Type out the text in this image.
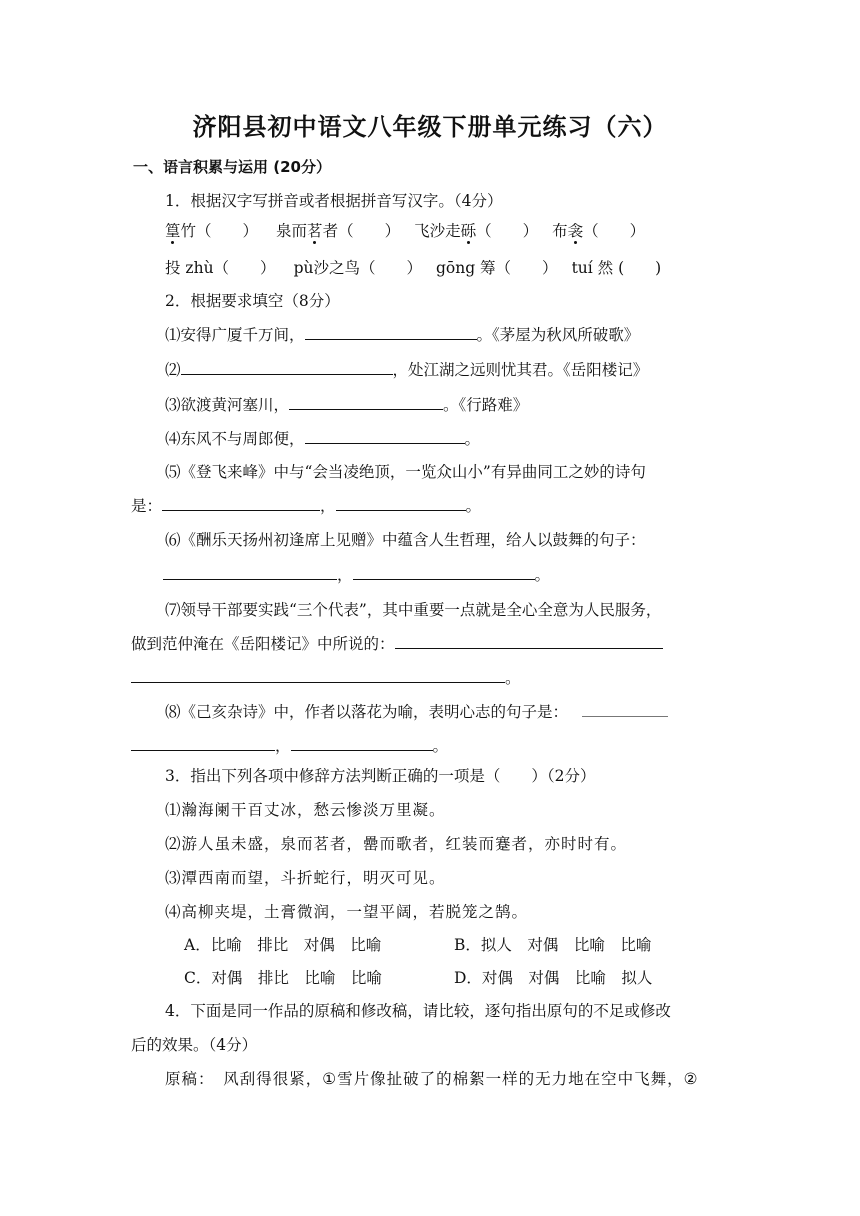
济阳县初中语文八年级下册单元练习（六）
一、语言积累与运用 (20分）
1．根据汉字写拼音或者根据拼音写汉字。（4分）
篁竹（　　） 泉而茗者（　　） 飞沙走砾（　　） 布衾（　　）
投 zhù（　　） pù沙之鸟（　　） gōng 筹（　　） tuí 然 (　　)
2．根据要求填空（8分）
⑴安得广厦千万间，	。《茅屋为秋风所破歌》
⑵	，处江湖之远则忧其君。《岳阳楼记》
⑶欲渡黄河塞川，	。《行路难》
⑷东风不与周郎便，	。
⑸《登飞来峰》中与“会当凌绝顶，一览众山小”有异曲同工之妙的诗句
是：	，	。
⑹《酬乐天扬州初逢席上见赠》中蕴含人生哲理，给人以鼓舞的句子：
，	。
⑺领导干部要实践“三个代表”，其中重要一点就是全心全意为人民服务，
做到范仲淹在《岳阳楼记》中所说的：
。
⑻《己亥杂诗》中，作者以落花为喻，表明心志的句子是：
，	。
3．指出下列各项中修辞方法判断正确的一项是（　　）（2分）
⑴瀚海阑干百丈冰，愁云惨淡万里凝。
⑵游人虽未盛，泉而茗者，罍而歌者，红装而蹇者，亦时时有。
⑶潭西南而望，斗折蛇行，明灭可见。
⑷高柳夹堤，土膏微润，一望平阔，若脱笼之鹄。
A．比喻　排比　对偶　比喻	B．拟人　对偶　比喻　比喻
C．对偶　排比　比喻　比喻	D．对偶　对偶　比喻　拟人
4．下面是同一作品的原稿和修改稿，请比较，逐句指出原句的不足或修改
后的效果。（4分）
原稿：　风刮得很紧，①雪片像扯破了的棉絮一样的无力地在空中飞舞，②
